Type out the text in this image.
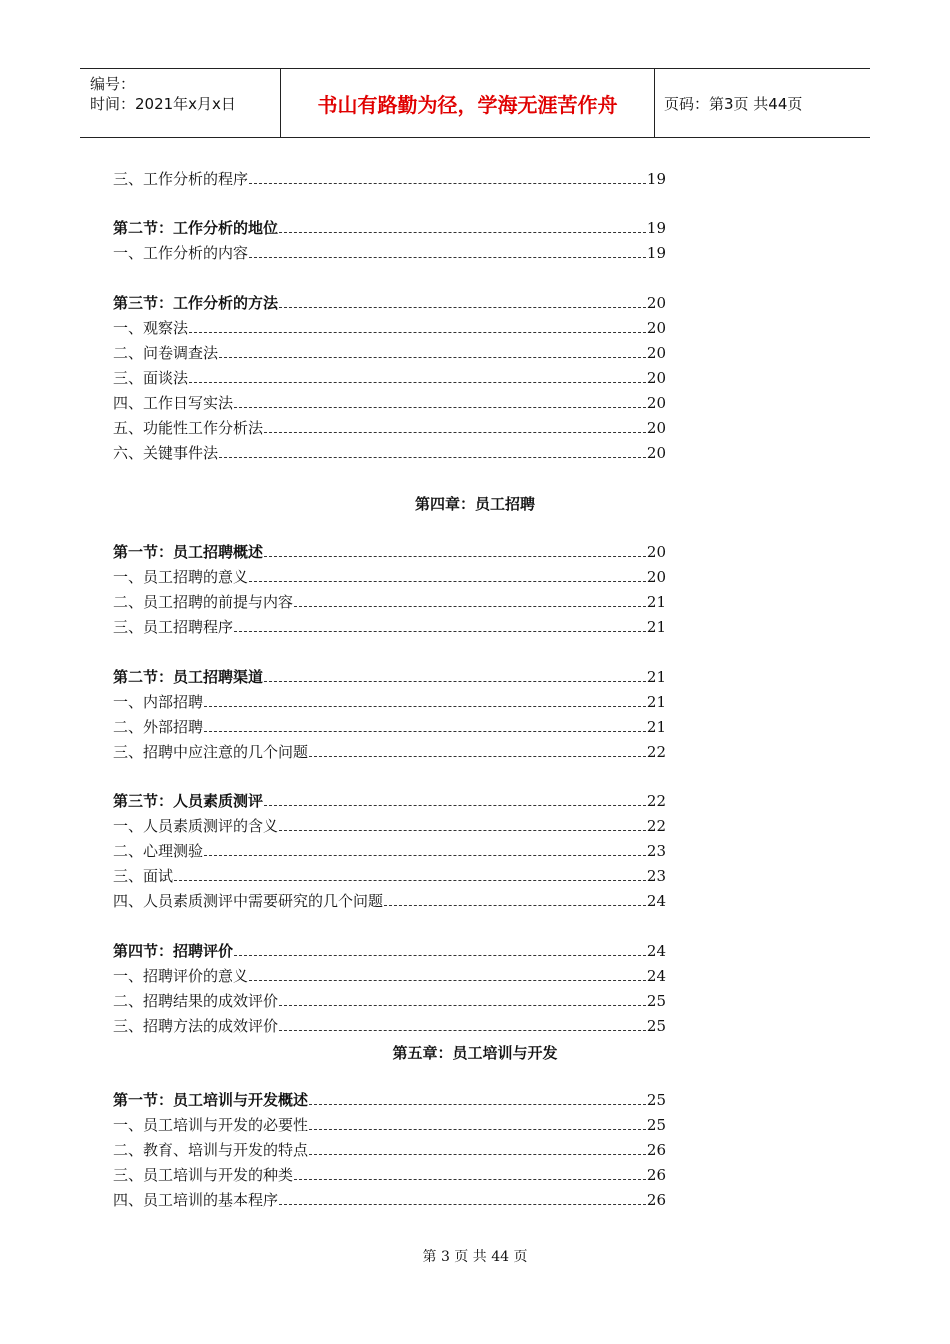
编号：
时间：2021年x月x日	书山有路勤为径，学海无涯苦作舟	页码：第3页 共44页
三、工作分析的程序	19
第二节：工作分析的地位	19
一、工作分析的内容	19
第三节：工作分析的方法	20
一、观察法	20
二、问卷调查法	20
三、面谈法	20
四、工作日写实法	20
五、功能性工作分析法	20
六、关键事件法	20
第一节：员工招聘概述	20
一、员工招聘的意义	20
二、员工招聘的前提与内容	21
三、员工招聘程序	21
第二节：员工招聘渠道	21
一、内部招聘	21
二、外部招聘	21
三、招聘中应注意的几个问题	22
第三节：人员素质测评	22
一、人员素质测评的含义	22
二、心理测验	23
三、面试	23
四、人员素质测评中需要研究的几个问题	24
第四节：招聘评价	24
一、招聘评价的意义	24
二、招聘结果的成效评价	25
三、招聘方法的成效评价	25
第一节：员工培训与开发概述	25
一、员工培训与开发的必要性	25
二、教育、培训与开发的特点	26
三、员工培训与开发的种类	26
四、员工培训的基本程序	26
第四章：员工招聘
第五章：员工培训与开发
第 3 页 共 44 页
